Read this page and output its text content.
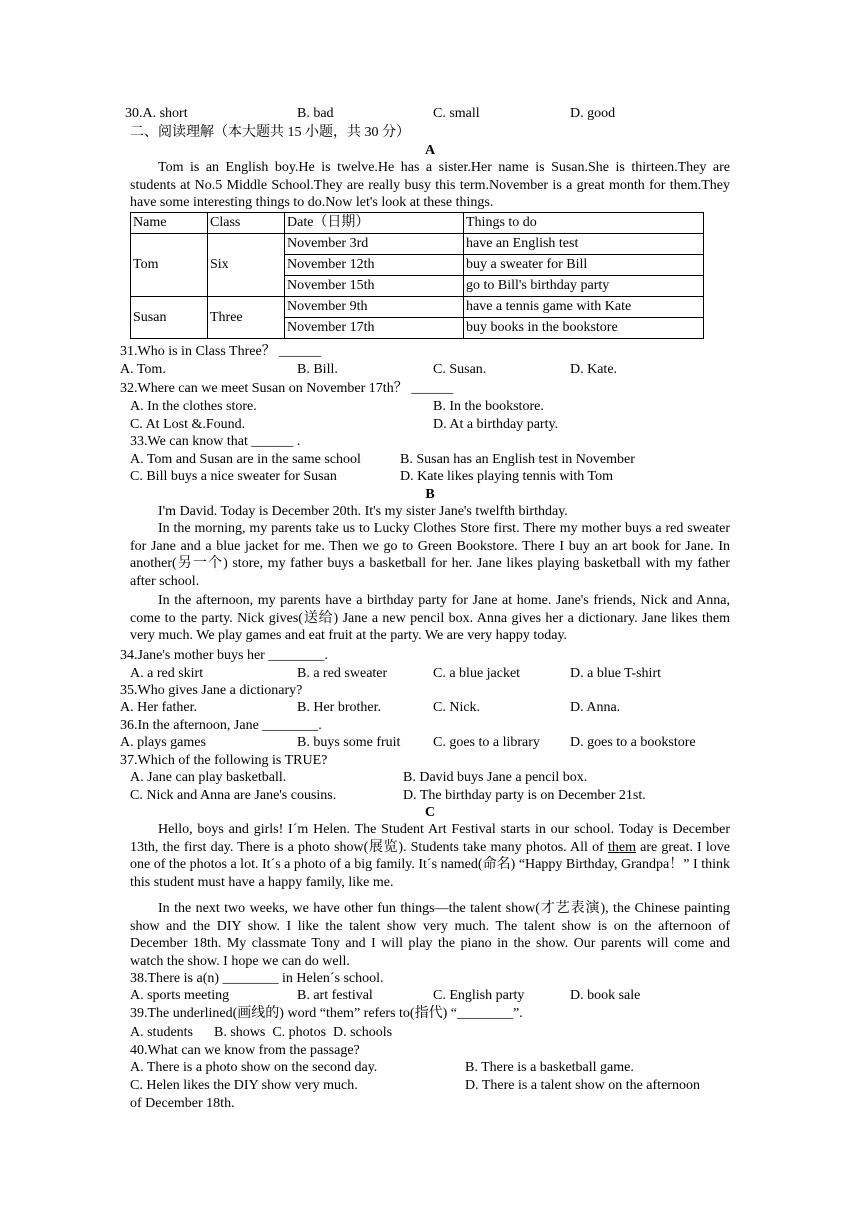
30.A. short	B. bad	C. small	D. good
二、阅读理解（本大题共 15 小题，共 30 分）
A

Tom is an English boy.He is twelve.He has a sister.Her name is Susan.She is thirteen.They are students at No.5 Middle School.They are really busy this term.November is a great month for them.They have some interesting things to do.Now let's look at these things.

Name	Class	Date（日期）	Things to do
Tom	Six	November 3rd	have an English test
		November 12th	buy a sweater for Bill
		November 15th	go to Bill's birthday party
Susan	Three	November 9th	have a tennis game with Kate
		November 17th	buy books in the bookstore
31.Who is in Class Three？ ______
A. Tom.	B. Bill.	C. Susan.	D. Kate.
32.Where can we meet Susan on November 17th？ ______
A. In the clothes store.	B. In the bookstore.
C. At Lost &.Found.	D. At a birthday party.
33.We can know that ______ .
A. Tom and Susan are in the same school	B. Susan has an English test in November
C. Bill buys a nice sweater for Susan	D. Kate likes playing tennis with Tom
B
I'm David. Today is December 20th. It's my sister Jane's twelfth birthday.

In the morning, my parents take us to Lucky Clothes Store first. There my mother buys a red sweater for Jane and a blue jacket for me. Then we go to Green Bookstore. There I buy an art book for Jane. In another(另一个) store, my father buys a basketball for her. Jane likes playing basketball with my father after school.

In the afternoon, my parents have a birthday party for Jane at home. Jane's friends, Nick and Anna, come to the party. Nick gives(送给) Jane a new pencil box. Anna gives her a dictionary. Jane likes them very much. We play games and eat fruit at the party. We are very happy today.

34.Jane's mother buys her ________.
A. a red skirt	B. a red sweater	C. a blue jacket	D. a blue T-shirt
35.Who gives Jane a dictionary?
A. Her father.	B. Her brother.	C. Nick.	D. Anna.
36.In the afternoon, Jane ________.
A. plays games	B. buys some fruit C. goes to a library D. goes to a bookstore
37.Which of the following is TRUE?
A. Jane can play basketball.	B. David buys Jane a pencil box.
C. Nick and Anna are Jane's cousins.	D. The birthday party is on December 21st.
C

Hello, boys and girls! I´m Helen. The Student Art Festival starts in our school. Today is December 13th, the first day. There is a photo show(展览). Students take many photos. All of them are great. I love one of the photos a lot. It´s a photo of a big family. It´s named(命名) “Happy Birthday, Grandpa！” I think this student must have a happy family, like me.

In the next two weeks, we have other fun things—the talent show(才艺表演), the Chinese painting show and the DIY show. I like the talent show very much. The talent show is on the afternoon of December 18th. My classmate Tony and I will play the piano in the show. Our parents will come and watch the show. I hope we can do well.

38.There is a(n) ________ in Helen´s school.
A. sports meeting	B. art festival	C. English party	D. book sale
39.The underlined(画线的) word “them” refers to(指代) “________”.
A. students      B. shows  C. photos  D. schools
40.What can we know from the passage?
A. There is a photo show on the second day.	B. There is a basketball game.
C. Helen likes the DIY show very much.	D. There is a talent show on the afternoon
of December 18th.
